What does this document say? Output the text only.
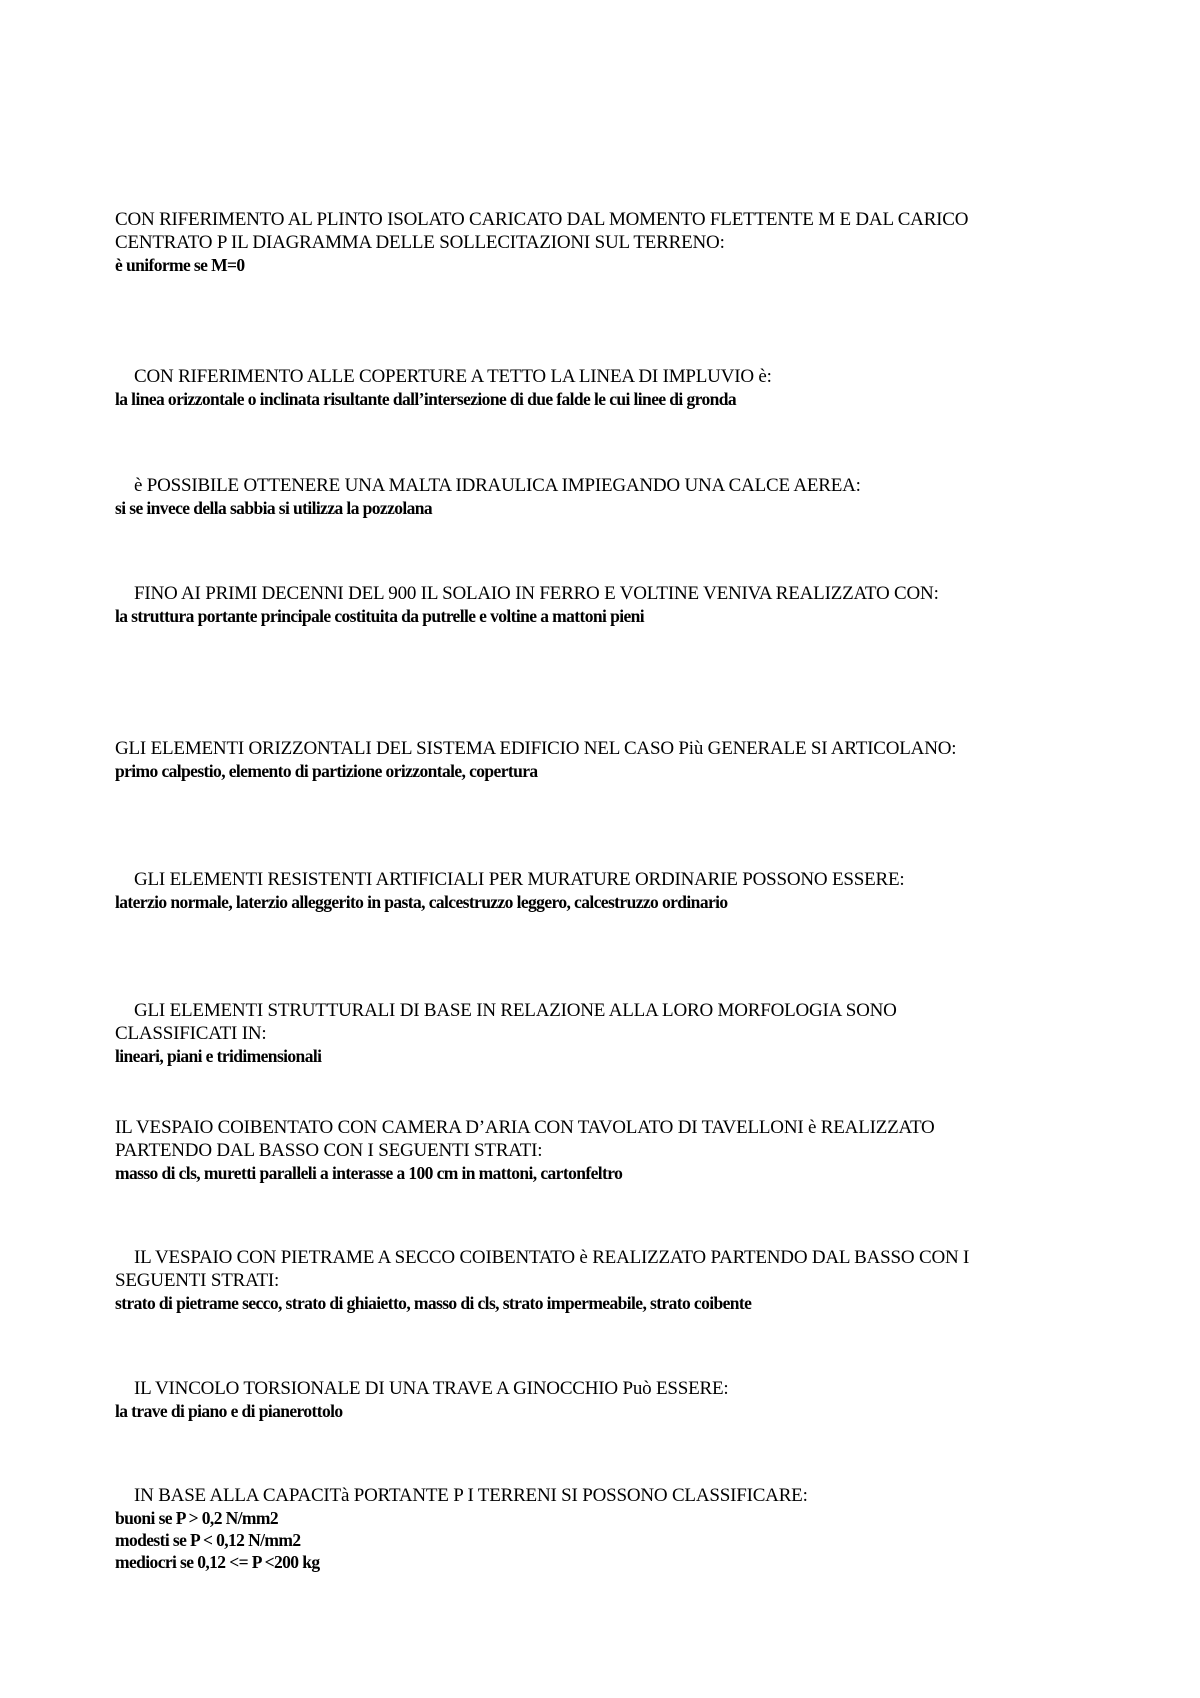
CON RIFERIMENTO AL PLINTO ISOLATO CARICATO DAL MOMENTO FLETTENTE M E DAL CARICO CENTRATO P IL DIAGRAMMA DELLE SOLLECITAZIONI SUL TERRENO:

è uniforme se M=0

CON RIFERIMENTO ALLE COPERTURE A TETTO LA LINEA DI IMPLUVIO è:

la linea orizzontale o inclinata risultante dall’intersezione di due falde le cui linee di gronda

è POSSIBILE OTTENERE UNA MALTA IDRAULICA IMPIEGANDO UNA CALCE AEREA:

si se invece della sabbia si utilizza la pozzolana

FINO AI PRIMI DECENNI DEL 900 IL SOLAIO IN FERRO E VOLTINE VENIVA REALIZZATO CON:

la struttura portante principale costituita da putrelle e voltine a mattoni pieni

GLI ELEMENTI ORIZZONTALI DEL SISTEMA EDIFICIO NEL CASO Più GENERALE SI ARTICOLANO:

primo calpestio, elemento di partizione orizzontale, copertura

GLI ELEMENTI RESISTENTI ARTIFICIALI PER MURATURE ORDINARIE POSSONO ESSERE:

laterzio normale, laterzio alleggerito in pasta, calcestruzzo leggero, calcestruzzo ordinario

GLI ELEMENTI STRUTTURALI DI BASE IN RELAZIONE ALLA LORO MORFOLOGIA SONO CLASSIFICATI IN:

lineari, piani e tridimensionali

IL VESPAIO COIBENTATO CON CAMERA D’ARIA CON TAVOLATO DI TAVELLONI è REALIZZATO PARTENDO DAL BASSO CON I SEGUENTI STRATI:

masso di cls, muretti paralleli a interasse a 100 cm in mattoni, cartonfeltro

IL VESPAIO CON PIETRAME A SECCO COIBENTATO è REALIZZATO PARTENDO DAL BASSO CON I SEGUENTI STRATI:

strato di pietrame secco, strato di ghiaietto, masso di cls, strato impermeabile, strato coibente

IL VINCOLO TORSIONALE DI UNA TRAVE A GINOCCHIO Può ESSERE:

la trave di piano e di pianerottolo

IN BASE ALLA CAPACITà PORTANTE P I TERRENI SI POSSONO CLASSIFICARE:

buoni se P > 0,2 N/mm2

modesti se P < 0,12 N/mm2

mediocri se 0,12 <= P <200 kg
